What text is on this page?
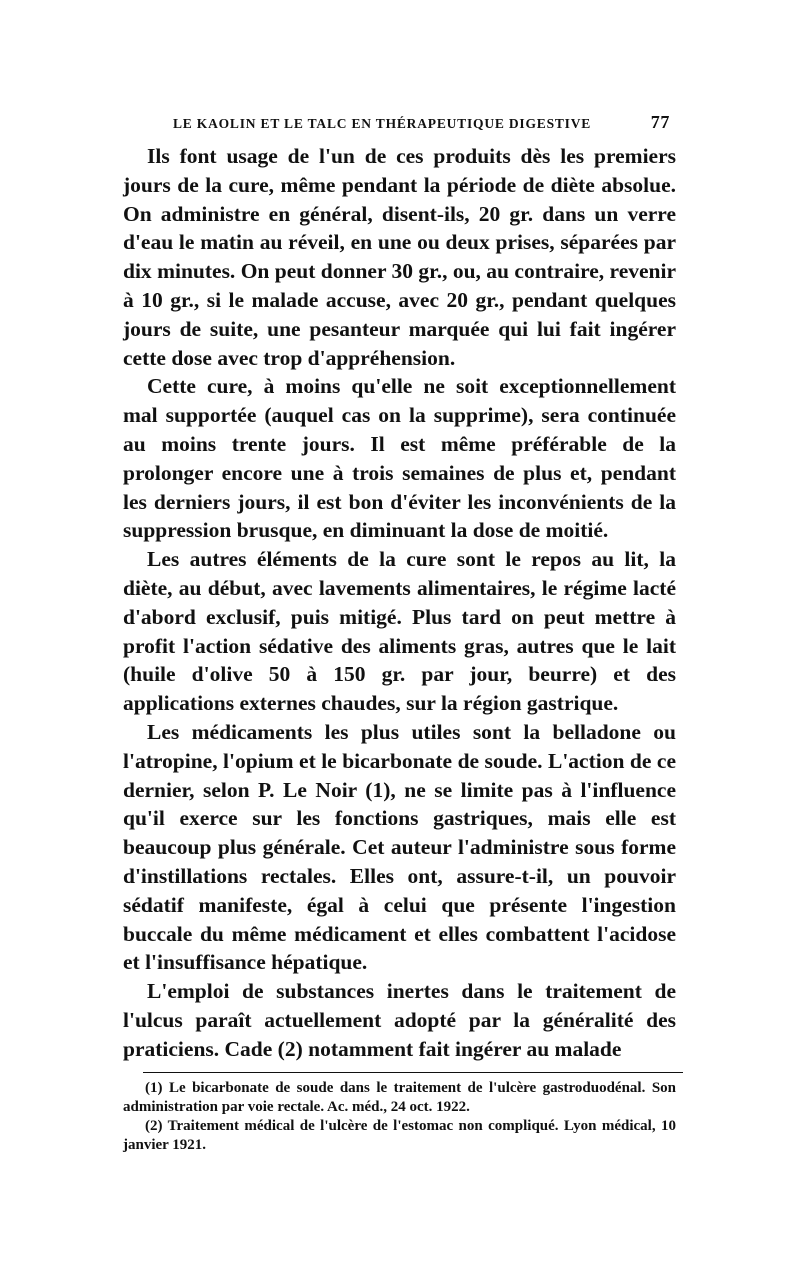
LE KAOLIN ET LE TALC EN THÉRAPEUTIQUE DIGESTIVE	77

Ils font usage de l'un de ces produits dès les premiers jours de la cure, même pendant la période de diète absolue. On administre en général, disent-ils, 20 gr. dans un verre d'eau le matin au réveil, en une ou deux prises, séparées par dix minutes. On peut donner 30 gr., ou, au contraire, revenir à 10 gr., si le malade accuse, avec 20 gr., pendant quelques jours de suite, une pesanteur marquée qui lui fait ingérer cette dose avec trop d'appréhension.

Cette cure, à moins qu'elle ne soit exceptionnellement mal supportée (auquel cas on la supprime), sera continuée au moins trente jours. Il est même préférable de la prolonger encore une à trois semaines de plus et, pendant les derniers jours, il est bon d'éviter les inconvénients de la suppression brusque, en diminuant la dose de moitié.

Les autres éléments de la cure sont le repos au lit, la diète, au début, avec lavements alimentaires, le régime lacté d'abord exclusif, puis mitigé. Plus tard on peut mettre à profit l'action sédative des aliments gras, autres que le lait (huile d'olive 50 à 150 gr. par jour, beurre) et des applications externes chaudes, sur la région gastrique.

Les médicaments les plus utiles sont la belladone ou l'atropine, l'opium et le bicarbonate de soude. L'action de ce dernier, selon P. Le Noir (1), ne se limite pas à l'influence qu'il exerce sur les fonctions gastriques, mais elle est beaucoup plus générale. Cet auteur l'administre sous forme d'instillations rectales. Elles ont, assure-t-il, un pouvoir sédatif manifeste, égal à celui que présente l'ingestion buccale du même médicament et elles combattent l'acidose et l'insuffisance hépatique.

L'emploi de substances inertes dans le traitement de l'ulcus paraît actuellement adopté par la généralité des praticiens. Cade (2) notamment fait ingérer au malade

(1) Le bicarbonate de soude dans le traitement de l'ulcère gastroduodénal. Son administration par voie rectale. Ac. méd., 24 oct. 1922.

(2) Traitement médical de l'ulcère de l'estomac non compliqué. Lyon médical, 10 janvier 1921.
